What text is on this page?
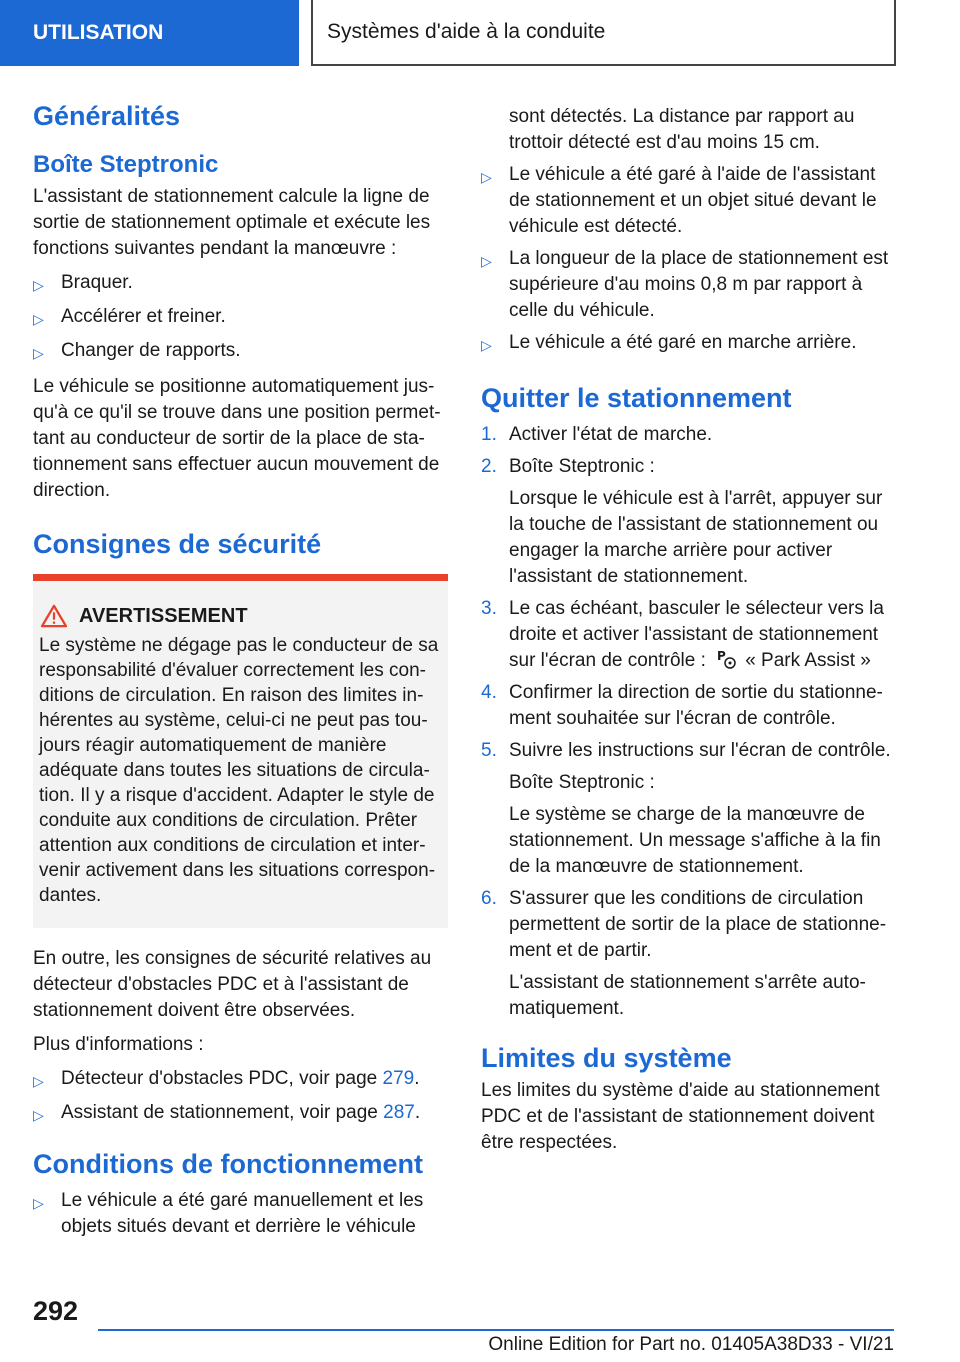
UTILISATION	Systèmes d'aide à la conduite
Généralités
Boîte Steptronic

L'assistant de stationnement calcule la ligne de sortie de stationnement optimale et exécute les fonctions suivantes pendant la manœuvre :

▷ Braquer.
▷ Accélérer et freiner.
▷ Changer de rapports.

Le véhicule se positionne automatiquement jusqu'à ce qu'il se trouve dans une position permettant au conducteur de sortir de la place de stationnement sans effectuer aucun mouvement de direction.

Consignes de sécurité
AVERTISSEMENT
Le système ne dégage pas le conducteur de sa responsabilité d'évaluer correctement les conditions de circulation. En raison des limites inhérentes au système, celui-ci ne peut pas toujours réagir automatiquement de manière adéquate dans toutes les situations de circulation. Il y a risque d'accident. Adapter le style de conduite aux conditions de circulation. Prêter attention aux conditions de circulation et intervenir activement dans les situations correspondantes.

En outre, les consignes de sécurité relatives au détecteur d'obstacles PDC et à l'assistant de stationnement doivent être observées.

Plus d'informations :

▷ Détecteur d'obstacles PDC, voir page 279.
▷ Assistant de stationnement, voir page 287.
Conditions de fonctionnement
▷ Le véhicule a été garé manuellement et les objets situés devant et derrière le véhicule

sont détectés. La distance par rapport au trottoir détecté est d'au moins 15 cm.

▷ Le véhicule a été garé à l'aide de l'assistant de stationnement et un objet situé devant le véhicule est détecté.
▷ La longueur de la place de stationnement est supérieure d'au moins 0,8 m par rapport à celle du véhicule.
▷ Le véhicule a été garé en marche arrière.
Quitter le stationnement
1. Activer l'état de marche.
2. Boîte Steptronic :
Lorsque le véhicule est à l'arrêt, appuyer sur la touche de l'assistant de stationnement ou engager la marche arrière pour activer l'assistant de stationnement.
3. Le cas échéant, basculer le sélecteur vers la droite et activer l'assistant de stationnement sur l'écran de contrôle : P « Park Assist »
4. Confirmer la direction de sortie du stationnement souhaitée sur l'écran de contrôle.
5. Suivre les instructions sur l'écran de contrôle.
Boîte Steptronic :
Le système se charge de la manœuvre de stationnement. Un message s'affiche à la fin de la manœuvre de stationnement.
6. S'assurer que les conditions de circulation permettent de sortir de la place de stationnement et de partir.
L'assistant de stationnement s'arrête automatiquement.
Limites du système

Les limites du système d'aide au stationnement PDC et de l'assistant de stationnement doivent être respectées.

292
Online Edition for Part no. 01405A38D33 - VI/21
